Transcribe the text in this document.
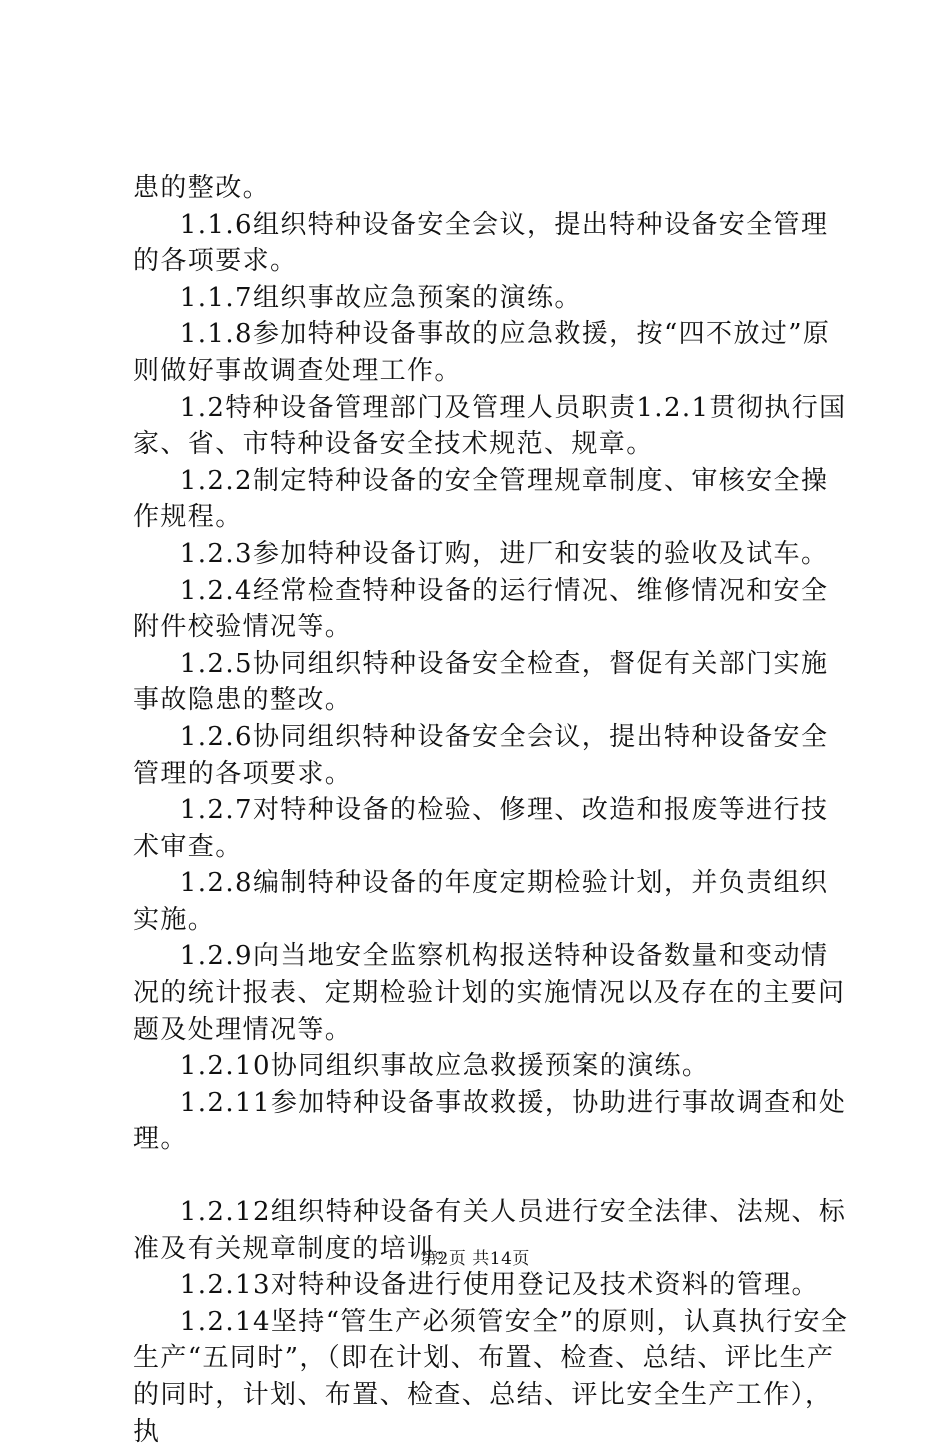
患的整改。

1.1.6组织特种设备安全会议，提出特种设备安全管理的各项要求。

1.1.7组织事故应急预案的演练。

1.1.8参加特种设备事故的应急救援，按“四不放过”原则做好事故调查处理工作。

1.2特种设备管理部门及管理人员职责1.2.1贯彻执行国家、省、市特种设备安全技术规范、规章。

1.2.2制定特种设备的安全管理规章制度、审核安全操作规程。

1.2.3参加特种设备订购，进厂和安装的验收及试车。

1.2.4经常检查特种设备的运行情况、维修情况和安全附件校验情况等。

1.2.5协同组织特种设备安全检查，督促有关部门实施事故隐患的整改。

1.2.6协同组织特种设备安全会议，提出特种设备安全管理的各项要求。

1.2.7对特种设备的检验、修理、改造和报废等进行技术审查。

1.2.8编制特种设备的年度定期检验计划，并负责组织实施。

1.2.9向当地安全监察机构报送特种设备数量和变动情况的统计报表、定期检验计划的实施情况以及存在的主要问题及处理情况等。

1.2.10协同组织事故应急救援预案的演练。

1.2.11参加特种设备事故救援，协助进行事故调查和处理。

1.2.12组织特种设备有关人员进行安全法律、法规、标准及有关规章制度的培训。

1.2.13对特种设备进行使用登记及技术资料的管理。

1.2.14坚持“管生产必须管安全”的原则，认真执行安全生产“五同时”，（即在计划、布置、检查、总结、评比生产的同时，计划、布置、检查、总结、评比安全生产工作），执

第2页 共14页
